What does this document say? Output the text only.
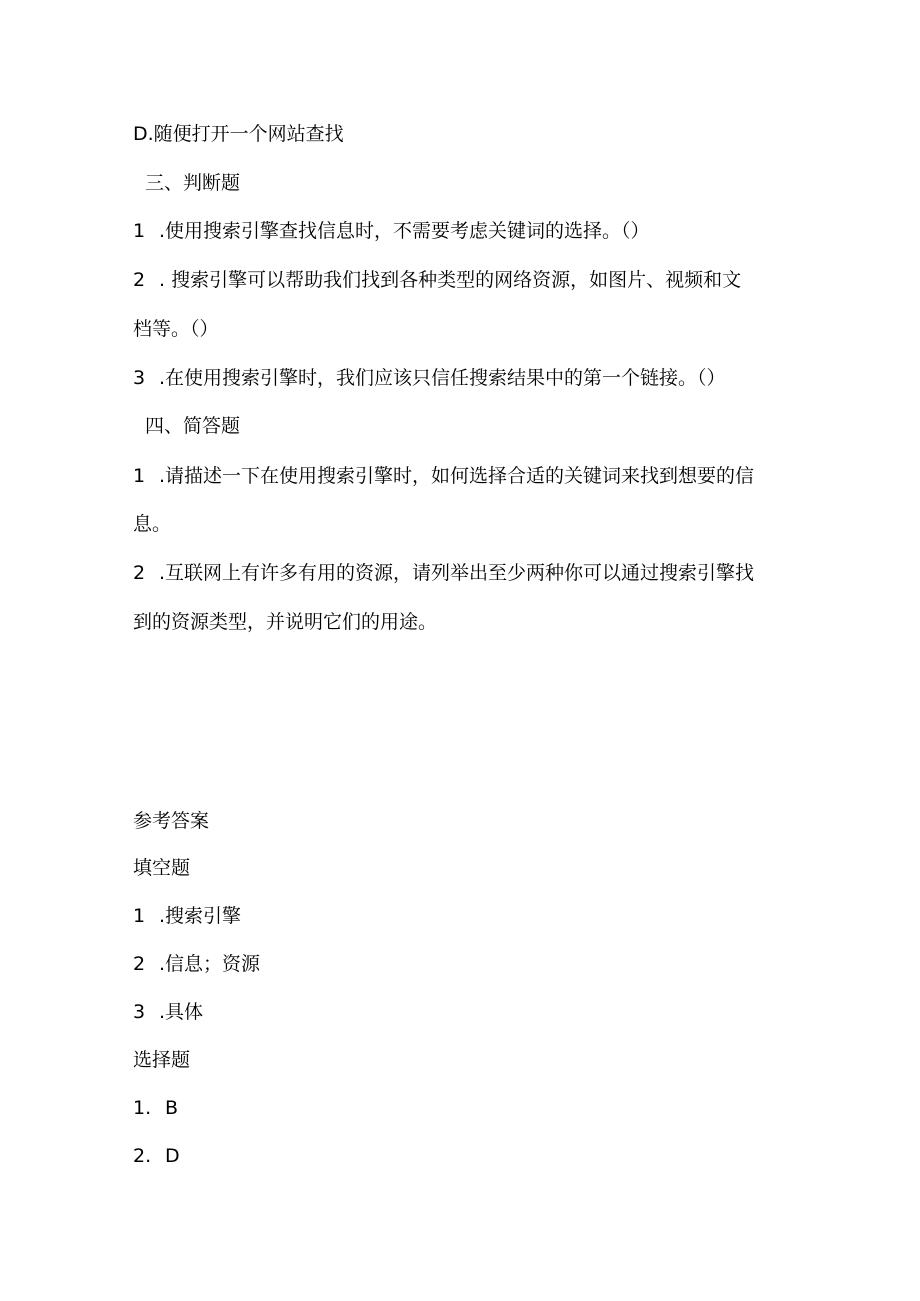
D.随便打开一个网站查找
三、判断题
1 .使用搜索引擎查找信息时，不需要考虑关键词的选择。（）
2 . 搜索引擎可以帮助我们找到各种类型的网络资源，如图片、视频和文
档等。（）
3 .在使用搜索引擎时，我们应该只信任搜索结果中的第一个链接。（）
四、简答题
1 .请描述一下在使用搜索引擎时，如何选择合适的关键词来找到想要的信
息。
2 .互联网上有许多有用的资源，请列举出至少两种你可以通过搜索引擎找
到的资源类型，并说明它们的用途。
参考答案
填空题
1 .搜索引擎
2 .信息；资源
3 .具体
选择题
1. B
2. D
